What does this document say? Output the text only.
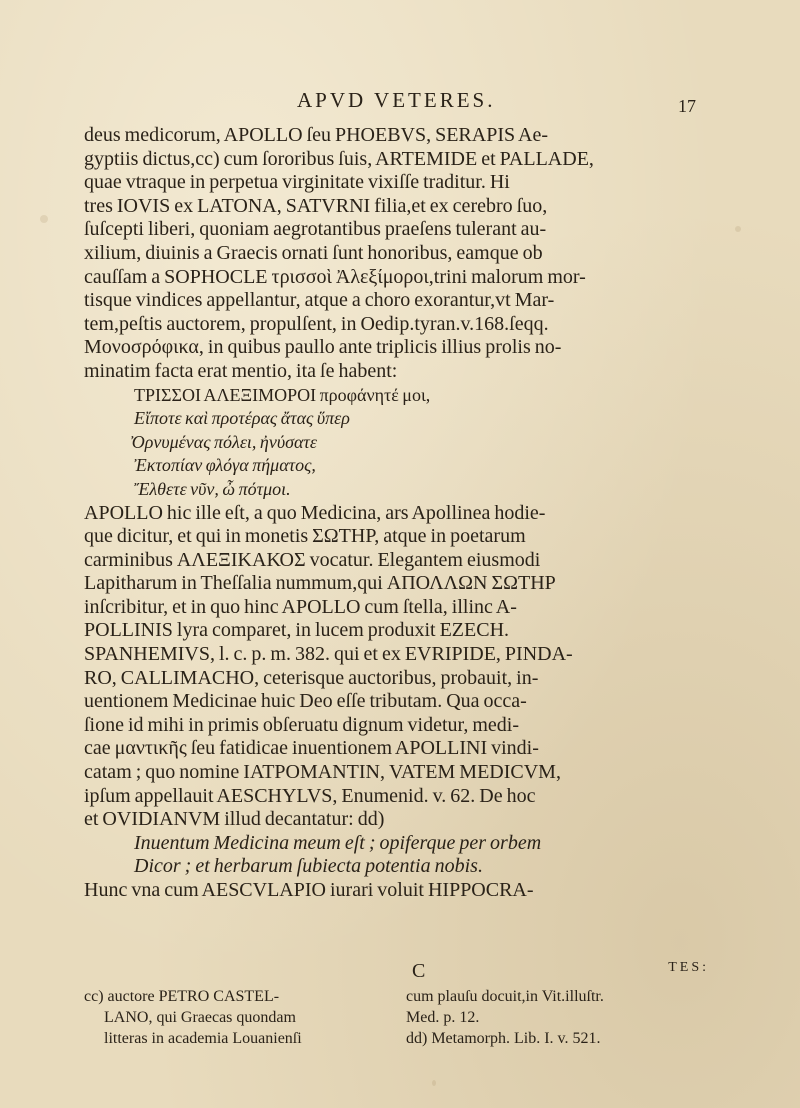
APVD VETERES.	17
deus medicorum, APOLLO ſeu PHOEBVS, SERAPIS Ae-
gyptiis dictus,cc) cum ſororibus ſuis, ARTEMIDE et PALLADE,
quae vtraque in perpetua virginitate vixiſſe traditur. Hi
tres IOVIS ex LATONA, SATVRNI filia,et ex cerebro ſuo,
ſuſcepti liberi, quoniam aegrotantibus praeſens tulerant au-
xilium, diuinis a Graecis ornati ſunt honoribus, eamque ob
cauſſam a SOPHOCLE τρισσοὶ Ἀλεξίμοροι,trini malorum mor-
tisque vindices appellantur, atque a choro exorantur,vt Mar-
tem,peſtis auctorem, propulſent, in Oedip.tyran.v.168.ſeqq.
Μονοσρόφικα, in quibus paullo ante triplicis illius prolis no-
minatim facta erat mentio, ita ſe habent:
ΤΡΙΣΣΟΙ ΑΛΕΞΙΜΟΡΟΙ προφάνητέ μοι,
Εἴποτε καὶ προτέρας ἄτας ὕπερ
Ὀρνυμένας πόλει, ἠνύσατε
Ἐκτοπίαν φλόγα πήματος,
Ἔλθετε νῦν, ὦ πότμοι.
APOLLO hic ille eſt, a quo Medicina, ars Apollinea hodie-
que dicitur, et qui in monetis ΣΩΤΗΡ, atque in poetarum
carminibus ΑΛΕΞΙΚΑΚΟΣ vocatur. Elegantem eiusmodi
Lapitharum in Theſſalia nummum,qui ΑΠΟΛΛΩΝ ΣΩΤΗΡ
inſcribitur, et in quo hinc APOLLO cum ſtella, illinc A-
POLLINIS lyra comparet, in lucem produxit EZECH.
SPANHEMIVS, l. c. p. m. 382. qui et ex EVRIPIDE, PINDA-
RO, CALLIMACHO, ceterisque auctoribus, probauit, in-
uentionem Medicinae huic Deo eſſe tributam. Qua occa-
ſione id mihi in primis obſeruatu dignum videtur, medi-
cae μαντικῆς ſeu fatidicae inuentionem APOLLINI vindi-
catam ; quo nomine ΙΑΤΡΟΜΑΝΤΙΝ, VATEM MEDICVM,
ipſum appellauit AESCHYLVS, Enumenid. v. 62. De hoc
et OVIDIANVM illud decantatur: dd)
Inuentum Medicina meum eſt ; opiferque per orbem
Dicor ; et herbarum ſubiecta potentia nobis.
Hunc vna cum AESCVLAPIO iurari voluit HIPPOCRA-
C	TES:
cc) auctore PETRO CASTEL-
LANO, qui Graecas quondam
litteras in academia Louanienſi
cum plauſu docuit,in Vit.illuſtr.
Med. p. 12.
dd) Metamorph. Lib. I. v. 521.
